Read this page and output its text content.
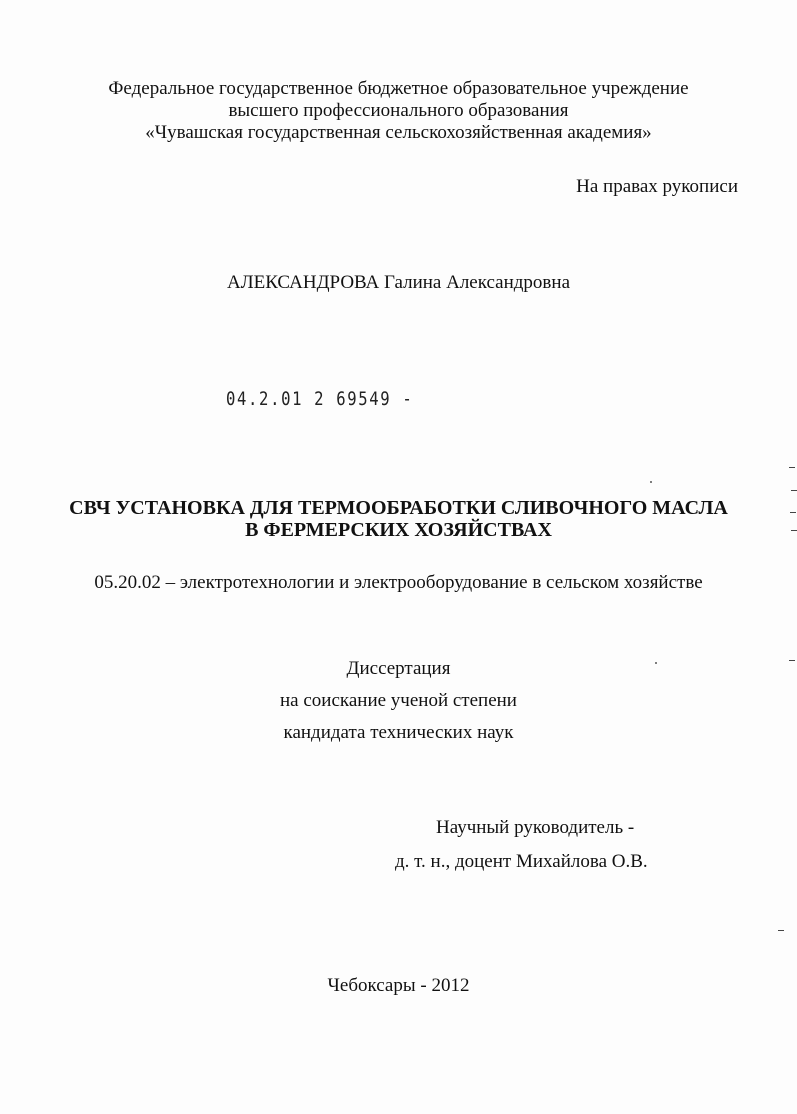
Федеральное государственное бюджетное образовательное учреждение
высшего профессионального образования
«Чувашская государственная сельскохозяйственная академия»
На правах рукописи
АЛЕКСАНДРОВА Галина Александровна
04.2.01 2 69549 -
СВЧ УСТАНОВКА ДЛЯ ТЕРМООБРАБОТКИ СЛИВОЧНОГО МАСЛА
В ФЕРМЕРСКИХ ХОЗЯЙСТВАХ
05.20.02 – электротехнологии и электрооборудование в сельском хозяйстве
Диссертация
на соискание ученой степени
кандидата технических наук
Научный руководитель -
д. т. н., доцент Михайлова О.В.
Чебоксары - 2012
